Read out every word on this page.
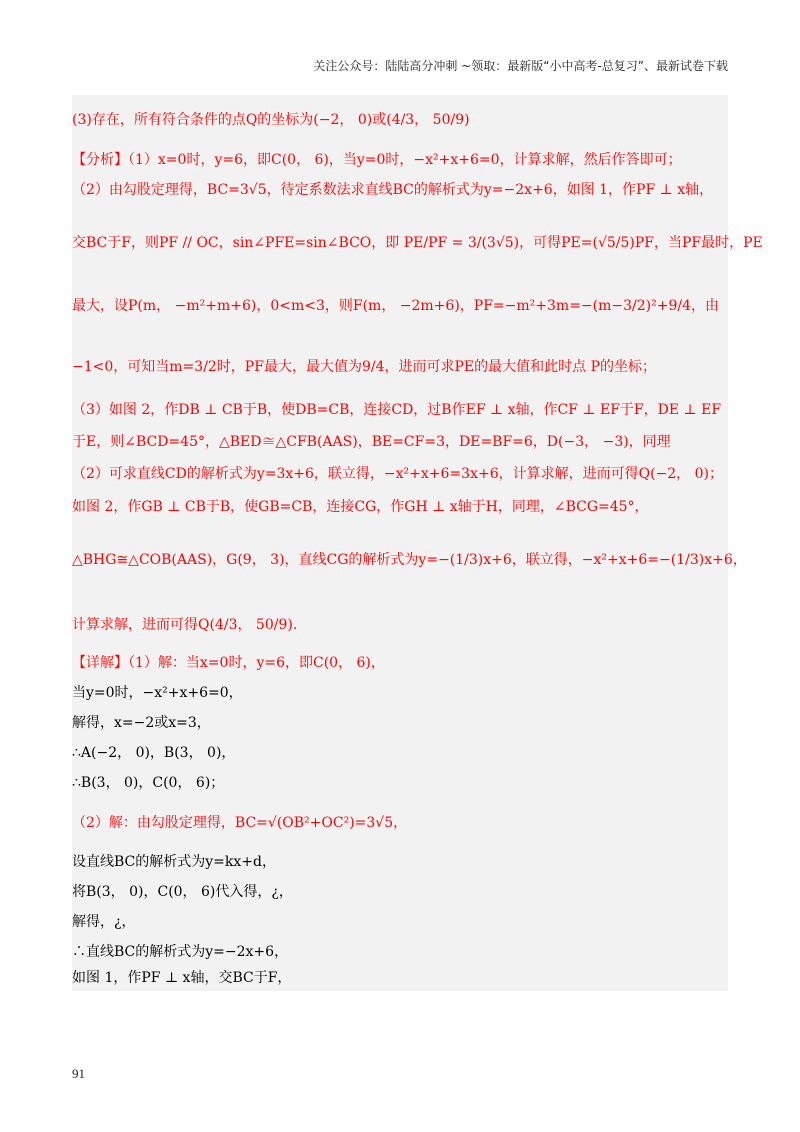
关注公众号：陆陆高分冲刺 ~领取：最新版“小中高考-总复习”、最新试卷下载
(3)存在，所有符合条件的点Q的坐标为(−2， 0)或(4/3， 50/9)
【分析】（1）x=0时，y=6，即C(0， 6)，当y=0时，−x²+x+6=0，计算求解，然后作答即可；
（2）由勾股定理得，BC=3√5，待定系数法求直线BC的解析式为y=−2x+6，如图 1，作PF ⊥ x轴，
交BC于F，则PF // OC，sin∠PFE=sin∠BCO，即 PE/PF = 3/(3√5)，可得PE=(√5/5)PF，当PF最时，PE
最大，设P(m， −m²+m+6)，0<m<3，则F(m， −2m+6)，PF=−m²+3m=−(m−3/2)²+9/4，由
−1<0，可知当m=3/2时，PF最大，最大值为9/4，进而可求PE的最大值和此时点 P的坐标；
（3）如图 2，作DB ⊥ CB于B，使DB=CB，连接CD，过B作EF ⊥ x轴，作CF ⊥ EF于F，DE ⊥ EF
于E，则∠BCD=45°，△BED≅△CFB(AAS)，BE=CF=3，DE=BF=6，D(−3， −3)，同理
（2）可求直线CD的解析式为y=3x+6，联立得，−x²+x+6=3x+6，计算求解，进而可得Q(−2， 0)；
如图 2，作GB ⊥ CB于B，使GB=CB，连接CG，作GH ⊥ x轴于H，同理，∠BCG=45°，
△BHG≅△COB(AAS)，G(9， 3)，直线CG的解析式为y=−(1/3)x+6，联立得，−x²+x+6=−(1/3)x+6，
计算求解，进而可得Q(4/3， 50/9).
【详解】（1）解：当x=0时，y=6，即C(0， 6)，
当y=0时，−x²+x+6=0，
解得，x=−2或x=3，
∴A(−2， 0)，B(3， 0)，
∴B(3， 0)，C(0， 6)；
（2）解：由勾股定理得，BC=√(OB²+OC²)=3√5，
设直线BC的解析式为y=kx+d，
将B(3， 0)，C(0， 6)代入得，¿，
解得，¿，
∴直线BC的解析式为y=−2x+6，
如图 1，作PF ⊥ x轴，交BC于F，
91
